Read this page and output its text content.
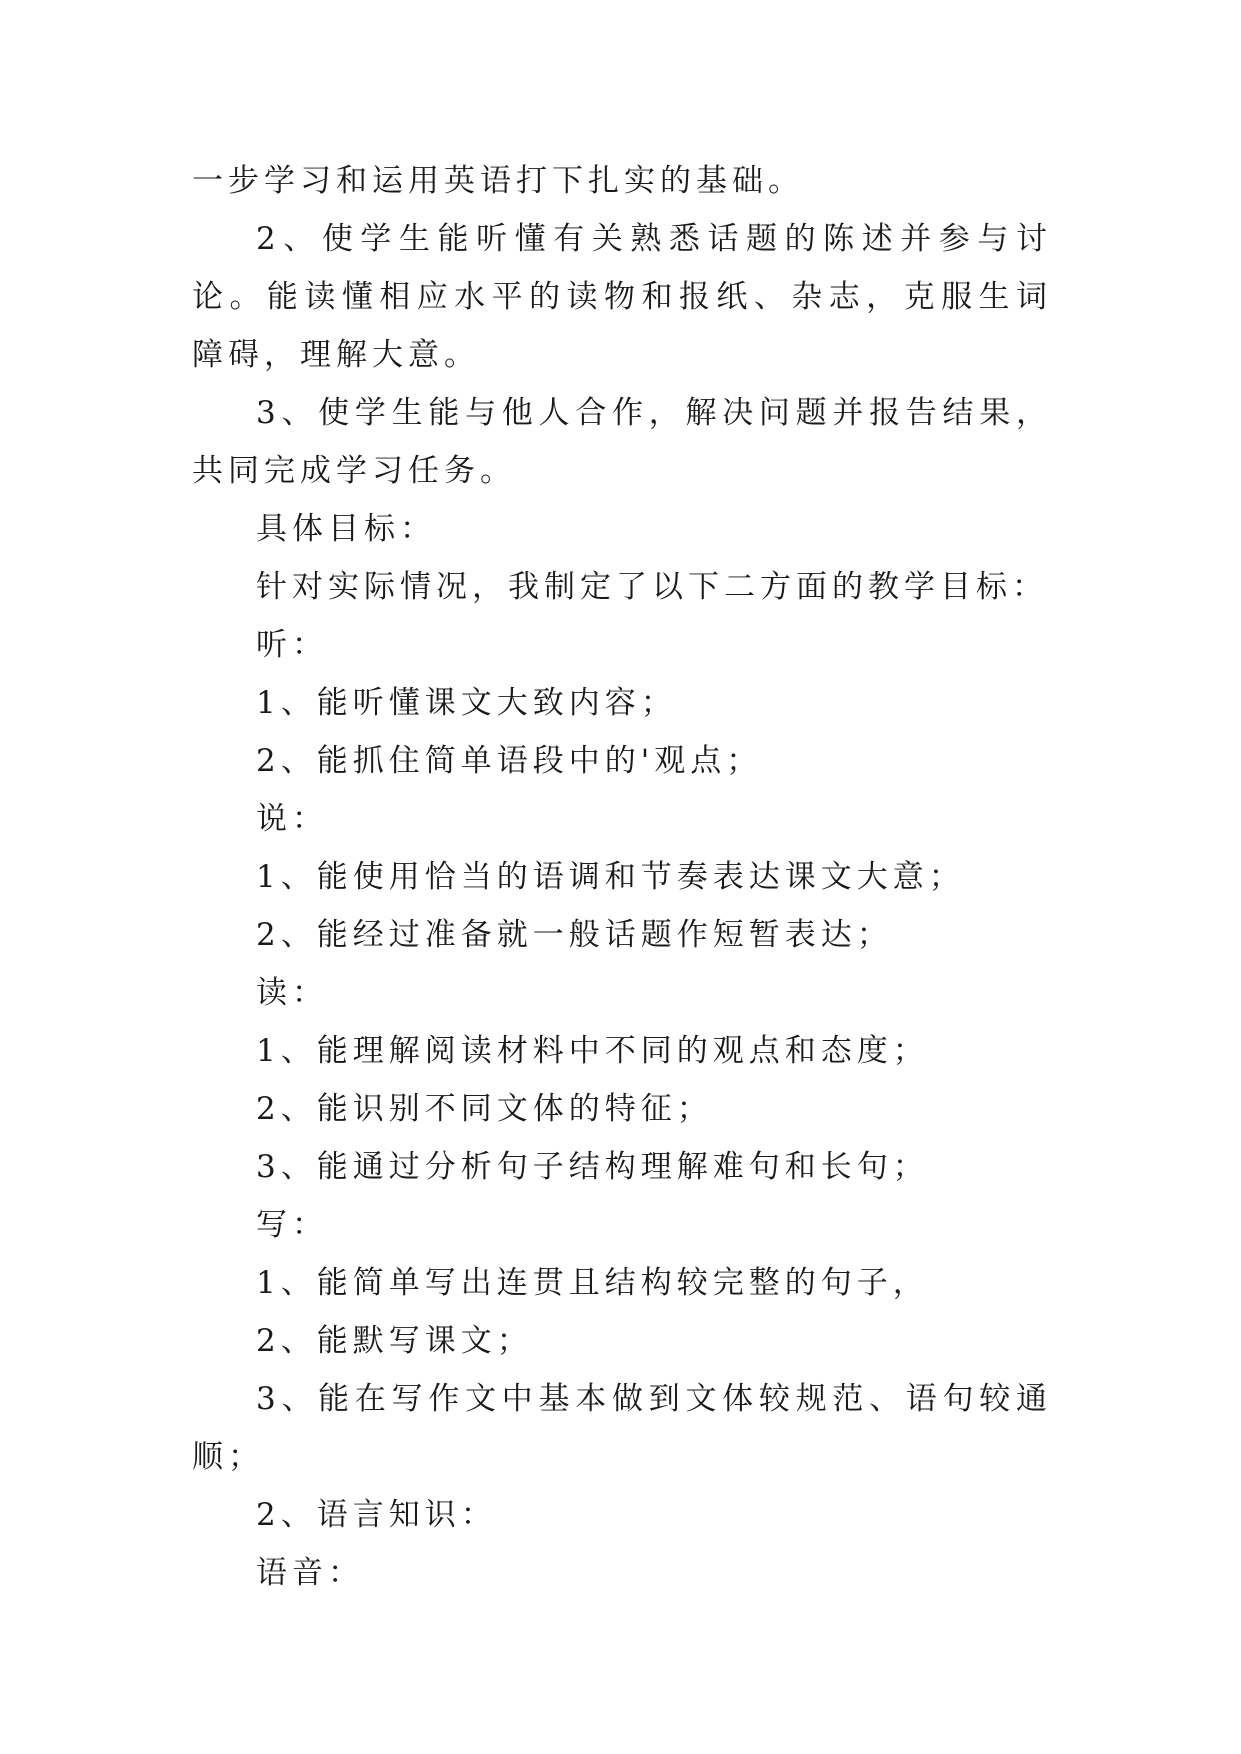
一步学习和运用英语打下扎实的基础。

2、使学生能听懂有关熟悉话题的陈述并参与讨论。能读懂相应水平的读物和报纸、杂志，克服生词障碍，理解大意。

3、使学生能与他人合作，解决问题并报告结果，共同完成学习任务。

具体目标：

针对实际情况，我制定了以下二方面的教学目标：

听：

1、能听懂课文大致内容；

2、能抓住简单语段中的'观点；

说：

1、能使用恰当的语调和节奏表达课文大意；

2、能经过准备就一般话题作短暂表达；

读：

1、能理解阅读材料中不同的观点和态度；

2、能识别不同文体的特征；

3、能通过分析句子结构理解难句和长句；

写：

1、能简单写出连贯且结构较完整的句子，

2、能默写课文；

3、能在写作文中基本做到文体较规范、语句较通顺；

2、语言知识：

语音：
